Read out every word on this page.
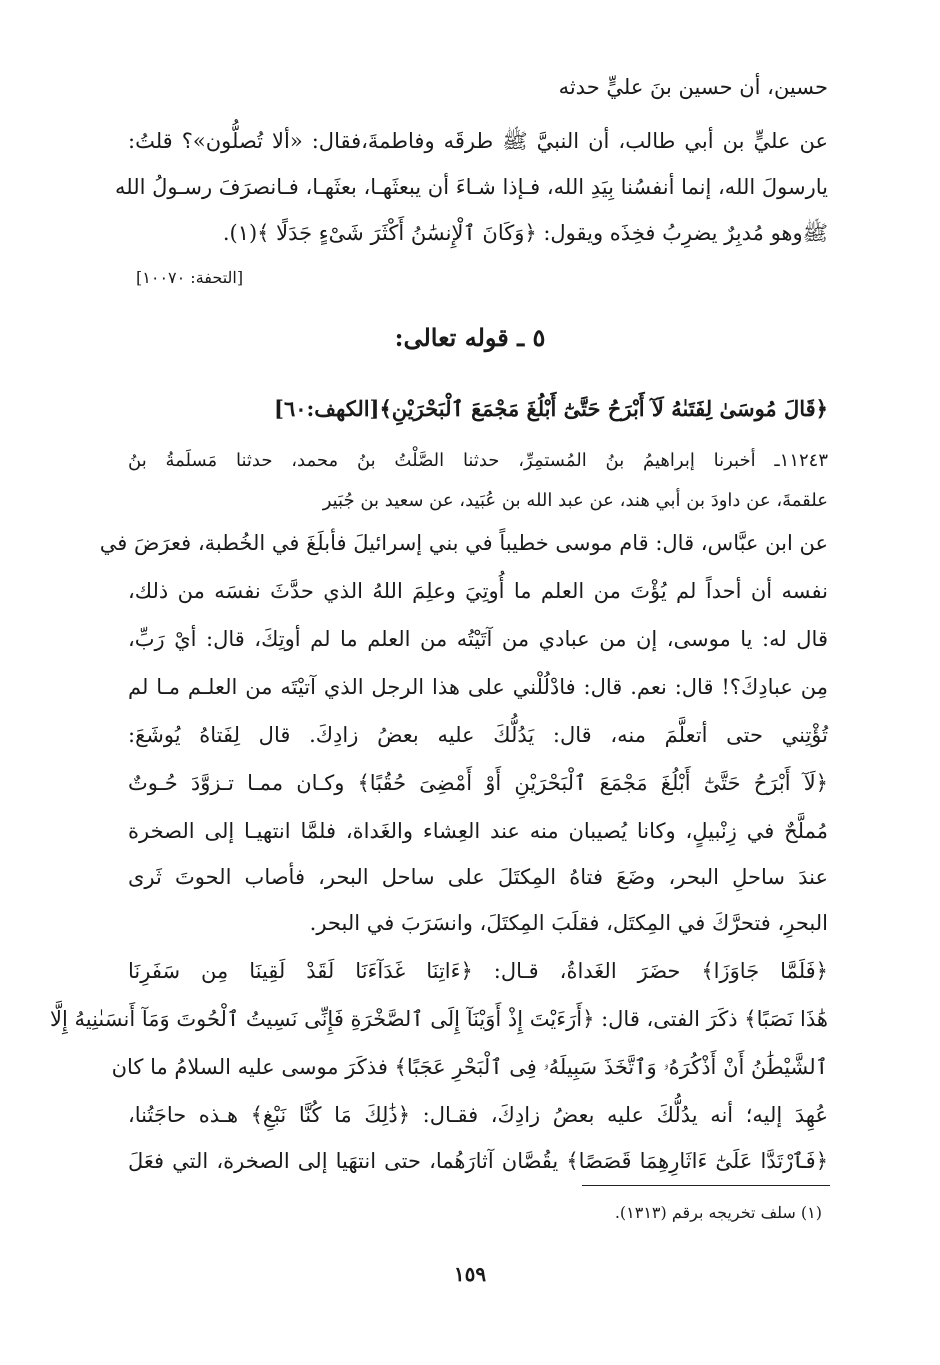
حسين، أن حسين بنَ عليٍّ حدثه
عن عليٍّ بن أبي طالب، أن النبيَّ ﷺ طرقَه وفاطمةَ،فقال: «ألا تُصلُّون»؟ قلتُ:
يارسولَ الله، إنما أنفسُنا بِيَدِ الله، فـإذا شـاءَ أن يبعثَهـا، بعثَهـا، فـانصرَفَ رسـولُ الله
ﷺوهو مُدبِرٌ يضرِبُ فخِذَه ويقول: ﴿وَكَانَ ٱلْإِنسَٰنُ أَكْثَرَ شَىْءٍ جَدَلًا ﴾(١).
[التحفة: ١٠٠٧٠]
٥ ـ قوله تعالى:
﴿قَالَ مُوسَىٰ لِفَتَىٰهُ لَآ أَبْرَحُ حَتَّىٰٓ أَبْلُغَ مَجْمَعَ ٱلْبَحْرَيْنِ﴾[الكهف:٦٠]
١١٢٤٣ـ أخبرنا إبراهيمُ بنُ المُستمِرِّ، حدثنا الصَّلْتُ بنُ محمد، حدثنا مَسلَمةُ بنُ
علقمةَ، عن داودَ بن أبي هند، عن عبد الله بن عُبَيد، عن سعيد بن جُبَير
عن ابن عبَّاس، قال: قام موسى خطيباً في بني إسرائيلَ فأبلَغَ في الخُطبة، فعرَضَ في
نفسه أن أحداً لم يُؤْتَ من العلم ما أُوتِيَ وعلِمَ اللهُ الذي حدَّثَ نفسَه من ذلك،
قال له: يا موسى، إن من عبادي من آتَيْتُه من العلم ما لم أوتِكَ، قال: أيْ رَبِّ،
مِن عبادِكَ؟! قال: نعم. قال: فادْلُلْني على هذا الرجل الذي آتيْتَه من العلـم مـا لم
تُؤْتِني حتى أتعلَّمَ منه، قال: يَدُلُّكَ عليه بعضُ زادِكَ. قال لِفَتاهُ يُوشَعَ:
﴿لَآ أَبْرَحُ حَتَّىٰٓ أَبْلُغَ مَجْمَعَ ٱلْبَحْرَيْنِ أَوْ أَمْضِىَ حُقُبًا﴾ وكـان ممـا تـزوَّدَ حُـوتٌ
مُملَّحٌ في زِنْبيلٍ، وكانا يُصيبان منه عند العِشاء والغَداة، فلمَّا انتهيـا إلى الصخرة
عندَ ساحلِ البحر، وضَعَ فتاهُ المِكتَلَ على ساحل البحر، فأصاب الحوتَ ثَرى
البحرِ، فتحرَّكَ في المِكتَل، فقلَبَ المِكتَلَ، وانسَرَبَ في البحر.
﴿فَلَمَّا جَاوَزَا﴾ حضَرَ الغَداةُ، قـال: ﴿ءَاتِنَا غَدَآءَنَا لَقَدْ لَقِينَا مِن سَفَرِنَا
هَٰذَا نَصَبًا﴾ ذكَرَ الفتى، قال: ﴿أَرَءَيْتَ إِذْ أَوَيْنَآ إِلَى ٱلصَّخْرَةِ فَإِنِّى نَسِيتُ ٱلْحُوتَ وَمَآ أَنسَىٰنِيهُ إِلَّا
ٱلشَّيْطَٰنُ أَنْ أَذْكُرَهُۥ وَٱتَّخَذَ سَبِيلَهُۥ فِى ٱلْبَحْرِ عَجَبًا﴾ فذكَرَ موسى عليه السلامُ ما كان
عُهِدَ إليه؛ أنه يدُلُّكَ عليه بعضُ زادِكَ، فقـال: ﴿ذَٰلِكَ مَا كُنَّا نَبْغِ﴾ هـذه حاجَتُنا،
﴿فَٱرْتَدَّا عَلَىٰٓ ءَاثَارِهِمَا قَصَصًا﴾ يقُصَّان آثارَهُما، حتى انتهَيا إلى الصخرة، التي فعَلَ
(١) سلف تخريجه برقم (١٣١٣).
١٥٩
